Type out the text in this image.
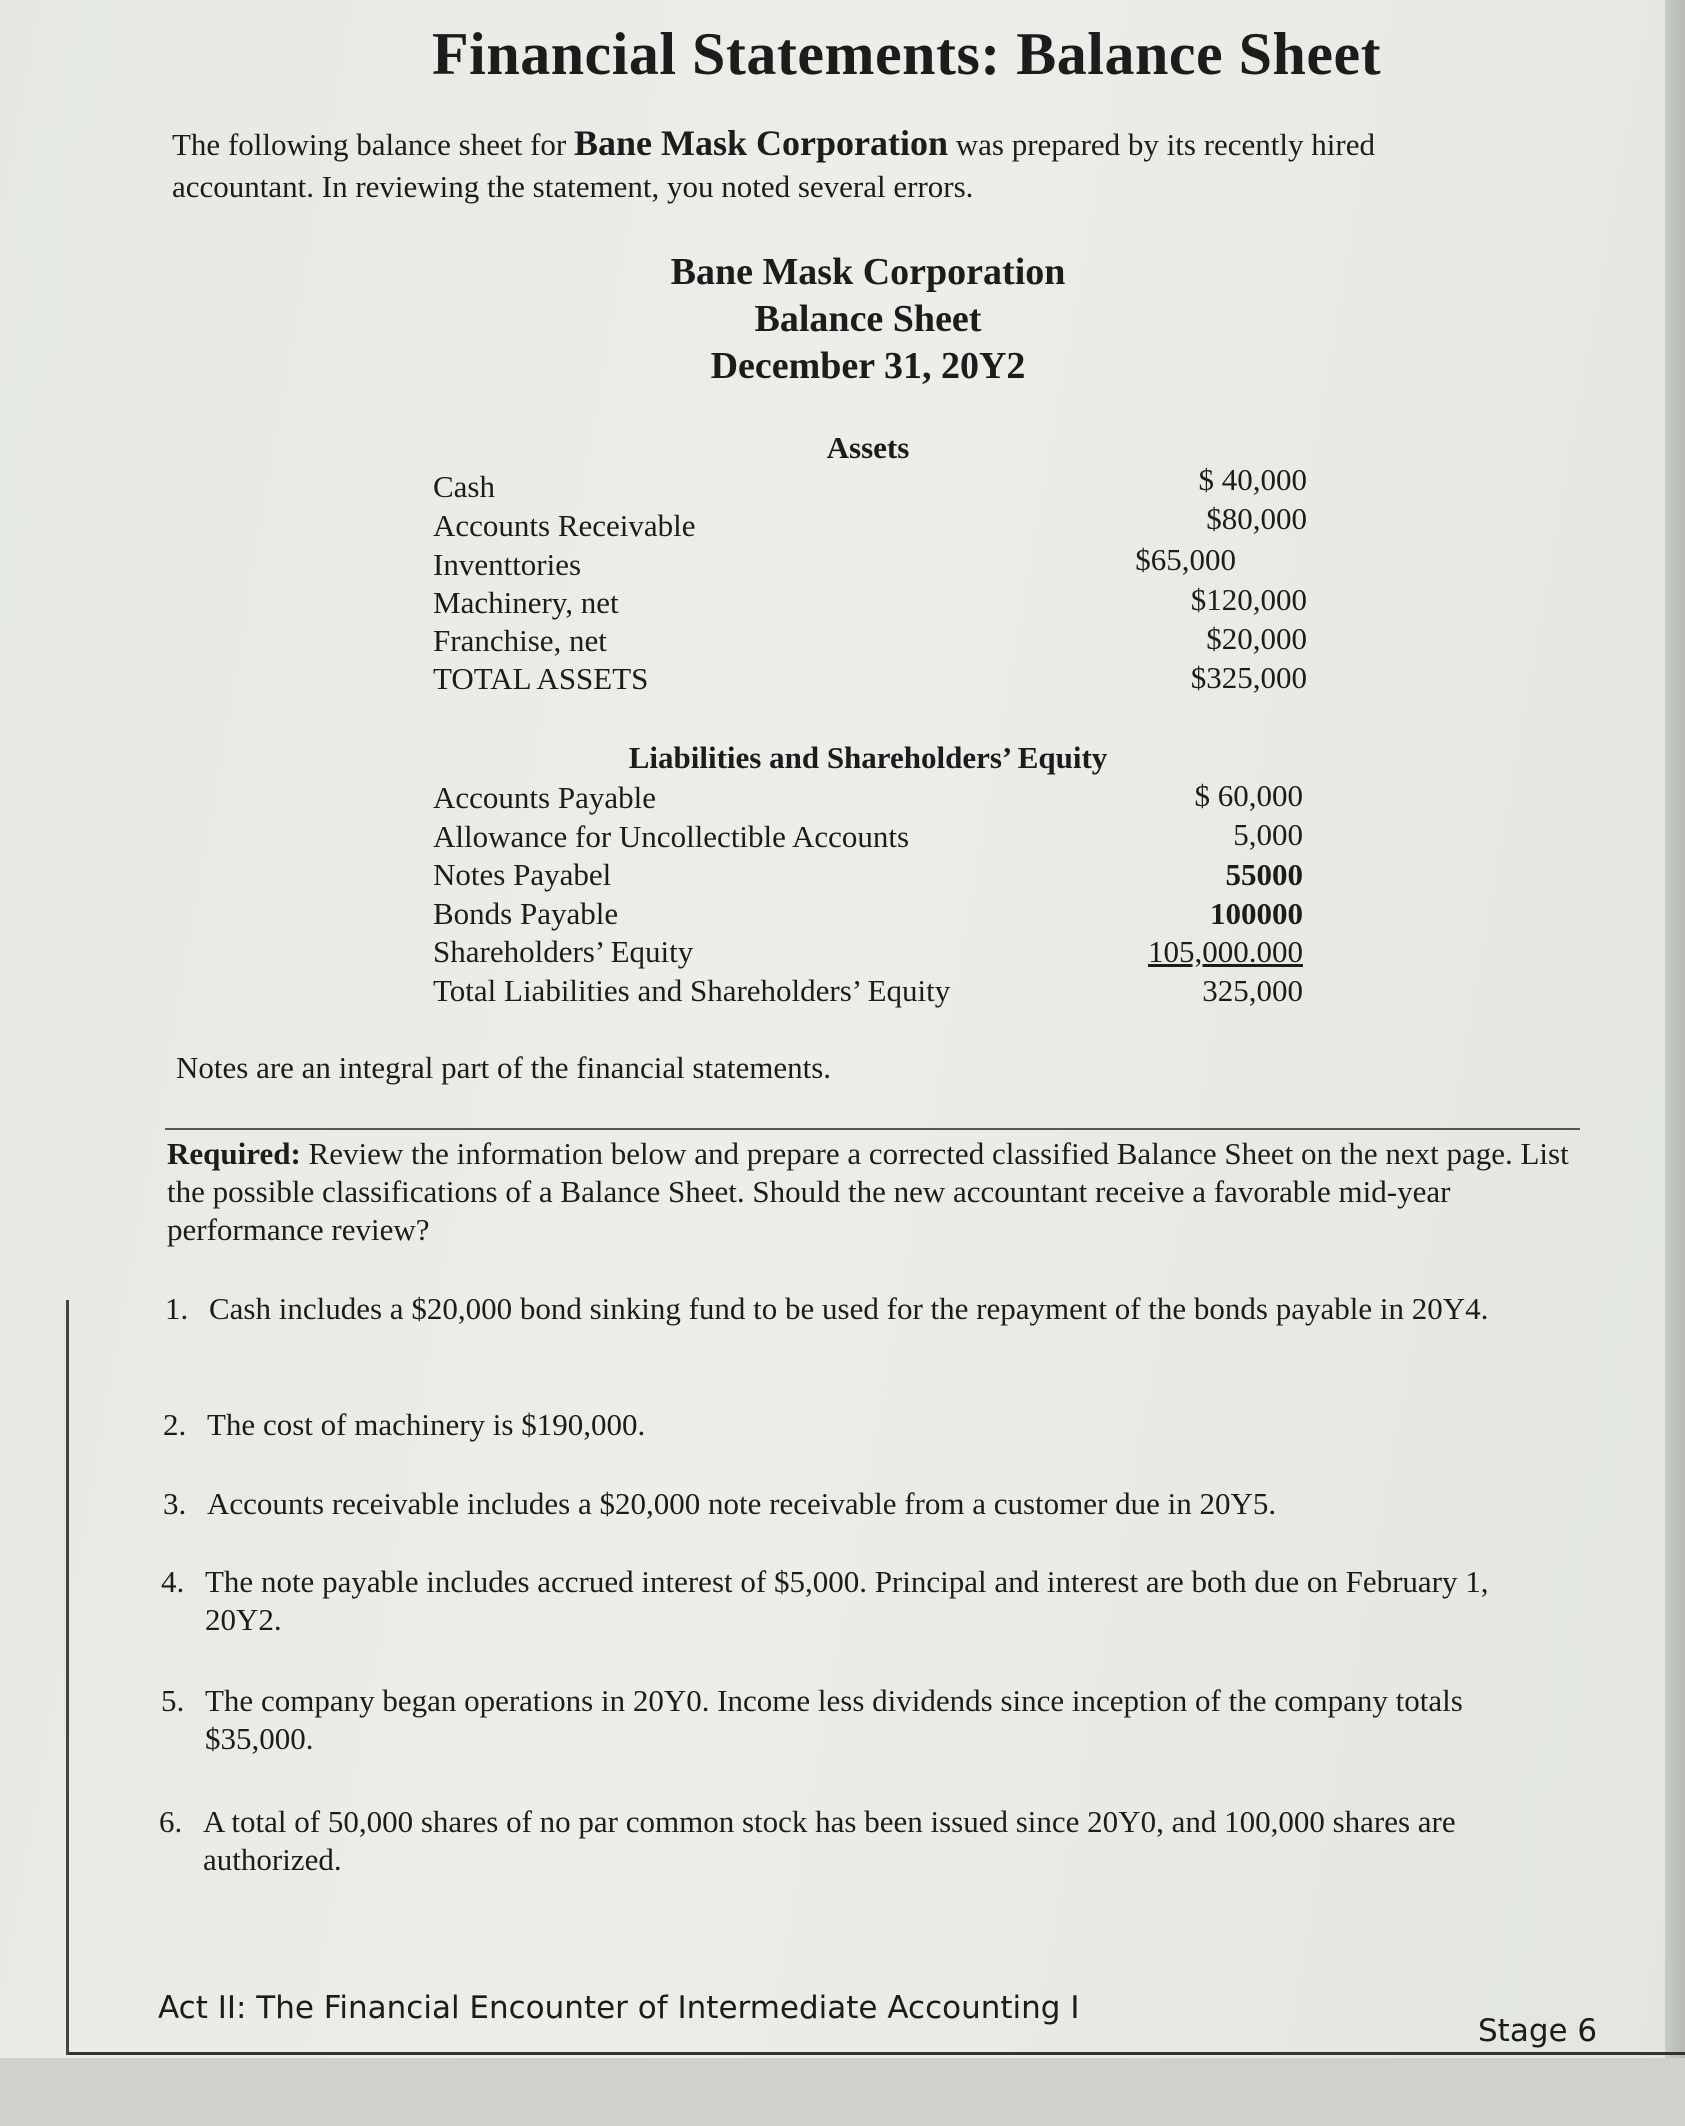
Financial Statements: Balance Sheet
The following balance sheet for Bane Mask Corporation was prepared by its recently hired accountant. In reviewing the statement, you noted several errors.
Bane Mask Corporation
Balance Sheet
December 31, 20Y2
Assets
Cash	$ 40,000
Accounts Receivable	$80,000
Inventtories	$65,000
Machinery, net	$120,000
Franchise, net	$20,000
TOTAL ASSETS	$325,000
Liabilities and Shareholders’ Equity
Accounts Payable	$ 60,000
Allowance for Uncollectible Accounts	5,000
Notes Payabel	55000
Bonds Payable	100000
Shareholders’ Equity	105,000.000
Total Liabilities and Shareholders’ Equity	325,000
Notes are an integral part of the financial statements.
Required: Review the information below and prepare a corrected classified Balance Sheet on the next page. List the possible classifications of a Balance Sheet. Should the new accountant receive a favorable mid-year performance review?
1. Cash includes a $20,000 bond sinking fund to be used for the repayment of the bonds payable in 20Y4.
2. The cost of machinery is $190,000.
3. Accounts receivable includes a $20,000 note receivable from a customer due in 20Y5.
4. The note payable includes accrued interest of $5,000. Principal and interest are both due on February 1, 20Y2.
5. The company began operations in 20Y0. Income less dividends since inception of the company totals $35,000.
6. A total of 50,000 shares of no par common stock has been issued since 20Y0, and 100,000 shares are authorized.
Act II: The Financial Encounter of Intermediate Accounting I
Stage 6
